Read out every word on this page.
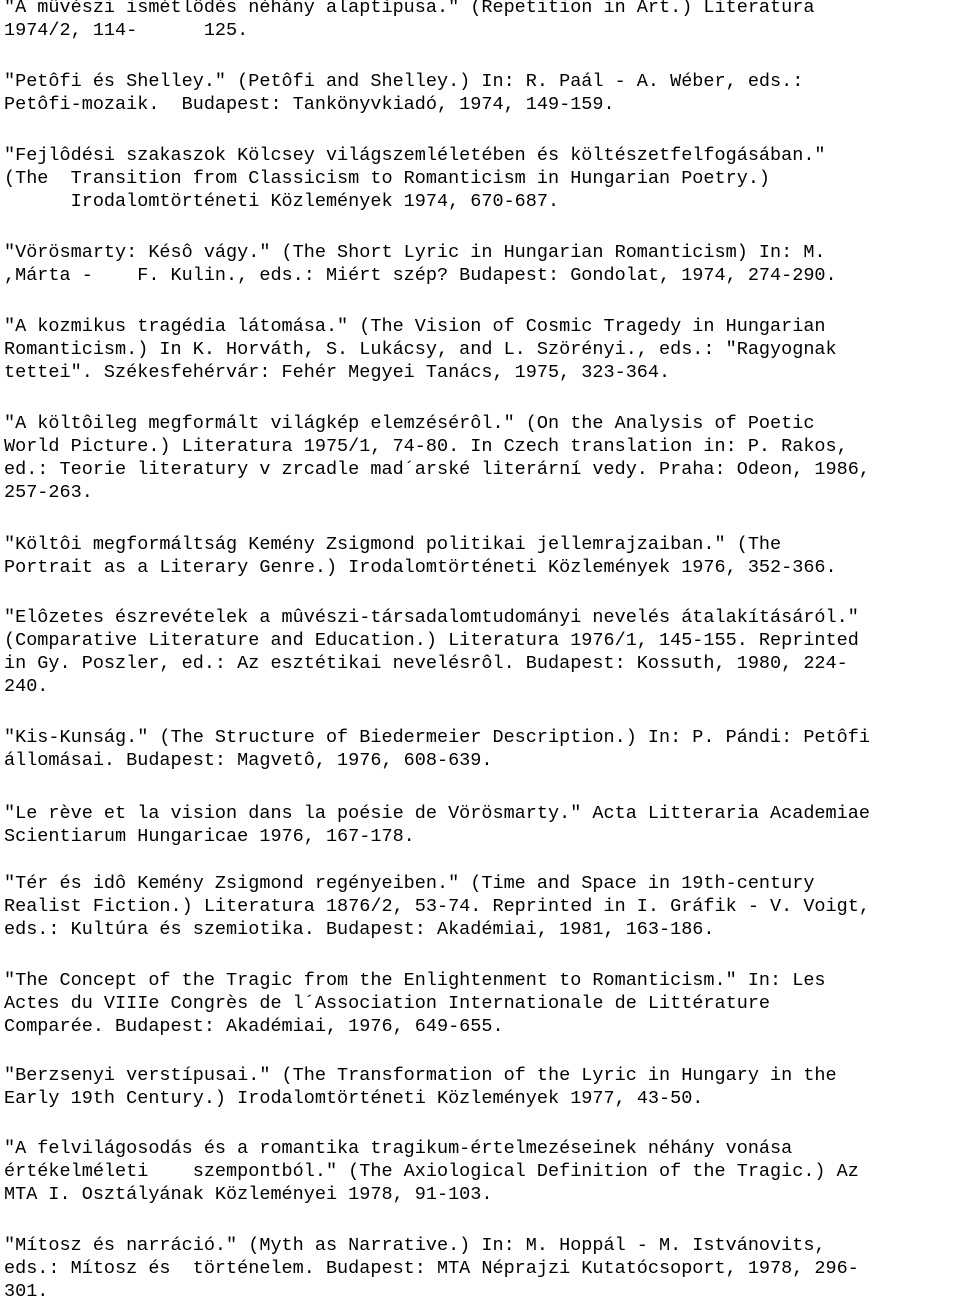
"A mûvészi ismétlôdés néhány alaptípusa." (Repetition in Art.) Literatura
1974/2, 114-      125.
"Petôfi és Shelley." (Petôfi and Shelley.) In: R. Paál - A. Wéber, eds.:
Petôfi-mozaik.  Budapest: Tankönyvkiadó, 1974, 149-159.
"Fejlôdési szakaszok Kölcsey világszemléletében és költészetfelfogásában."
(The  Transition from Classicism to Romanticism in Hungarian Poetry.)
Irodalomtörténeti Közlemények 1974, 670-687.
"Vörösmarty: Késô vágy." (The Short Lyric in Hungarian Romanticism) In: M.
,Márta -    F. Kulin., eds.: Miért szép? Budapest: Gondolat, 1974, 274-290.
"A kozmikus tragédia látomása." (The Vision of Cosmic Tragedy in Hungarian
Romanticism.) In K. Horváth, S. Lukácsy, and L. Szörényi., eds.: "Ragyognak
tettei". Székesfehérvár: Fehér Megyei Tanács, 1975, 323-364.
"A költôileg megformált világkép elemzésérôl." (On the Analysis of Poetic
World Picture.) Literatura 1975/1, 74-80. In Czech translation in: P. Rakos,
ed.: Teorie literatury v zrcadle mad´arské literární vedy. Praha: Odeon, 1986,
257-263.
"Költôi megformáltság Kemény Zsigmond politikai jellemrajzaiban." (The
Portrait as a Literary Genre.) Irodalomtörténeti Közlemények 1976, 352-366.
"Elôzetes észrevételek a mûvészi-társadalomtudományi nevelés átalakításáról."
(Comparative Literature and Education.) Literatura 1976/1, 145-155. Reprinted
in Gy. Poszler, ed.: Az esztétikai nevelésrôl. Budapest: Kossuth, 1980, 224-
240.
"Kis-Kunság." (The Structure of Biedermeier Description.) In: P. Pándi: Petôfi
állomásai. Budapest: Magvetô, 1976, 608-639.
"Le rève et la vision dans la poésie de Vörösmarty." Acta Litteraria Academiae
Scientiarum Hungaricae 1976, 167-178.
"Tér és idô Kemény Zsigmond regényeiben." (Time and Space in 19th-century
Realist Fiction.) Literatura 1876/2, 53-74. Reprinted in I. Gráfik - V. Voigt,
eds.: Kultúra és szemiotika. Budapest: Akadémiai, 1981, 163-186.
"The Concept of the Tragic from the Enlightenment to Romanticism." In: Les
Actes du VIIIe Congrès de l´Association Internationale de Littérature
Comparée. Budapest: Akadémiai, 1976, 649-655.
"Berzsenyi verstípusai." (The Transformation of the Lyric in Hungary in the
Early 19th Century.) Irodalomtörténeti Közlemények 1977, 43-50.
"A felvilágosodás és a romantika tragikum-értelmezéseinek néhány vonása
értékelméleti    szempontból." (The Axiological Definition of the Tragic.) Az
MTA I. Osztályának Közleményei 1978, 91-103.
"Mítosz és narráció." (Myth as Narrative.) In: M. Hoppál - M. Istvánovits,
eds.: Mítosz és  történelem. Budapest: MTA Néprajzi Kutatócsoport, 1978, 296-
301.
